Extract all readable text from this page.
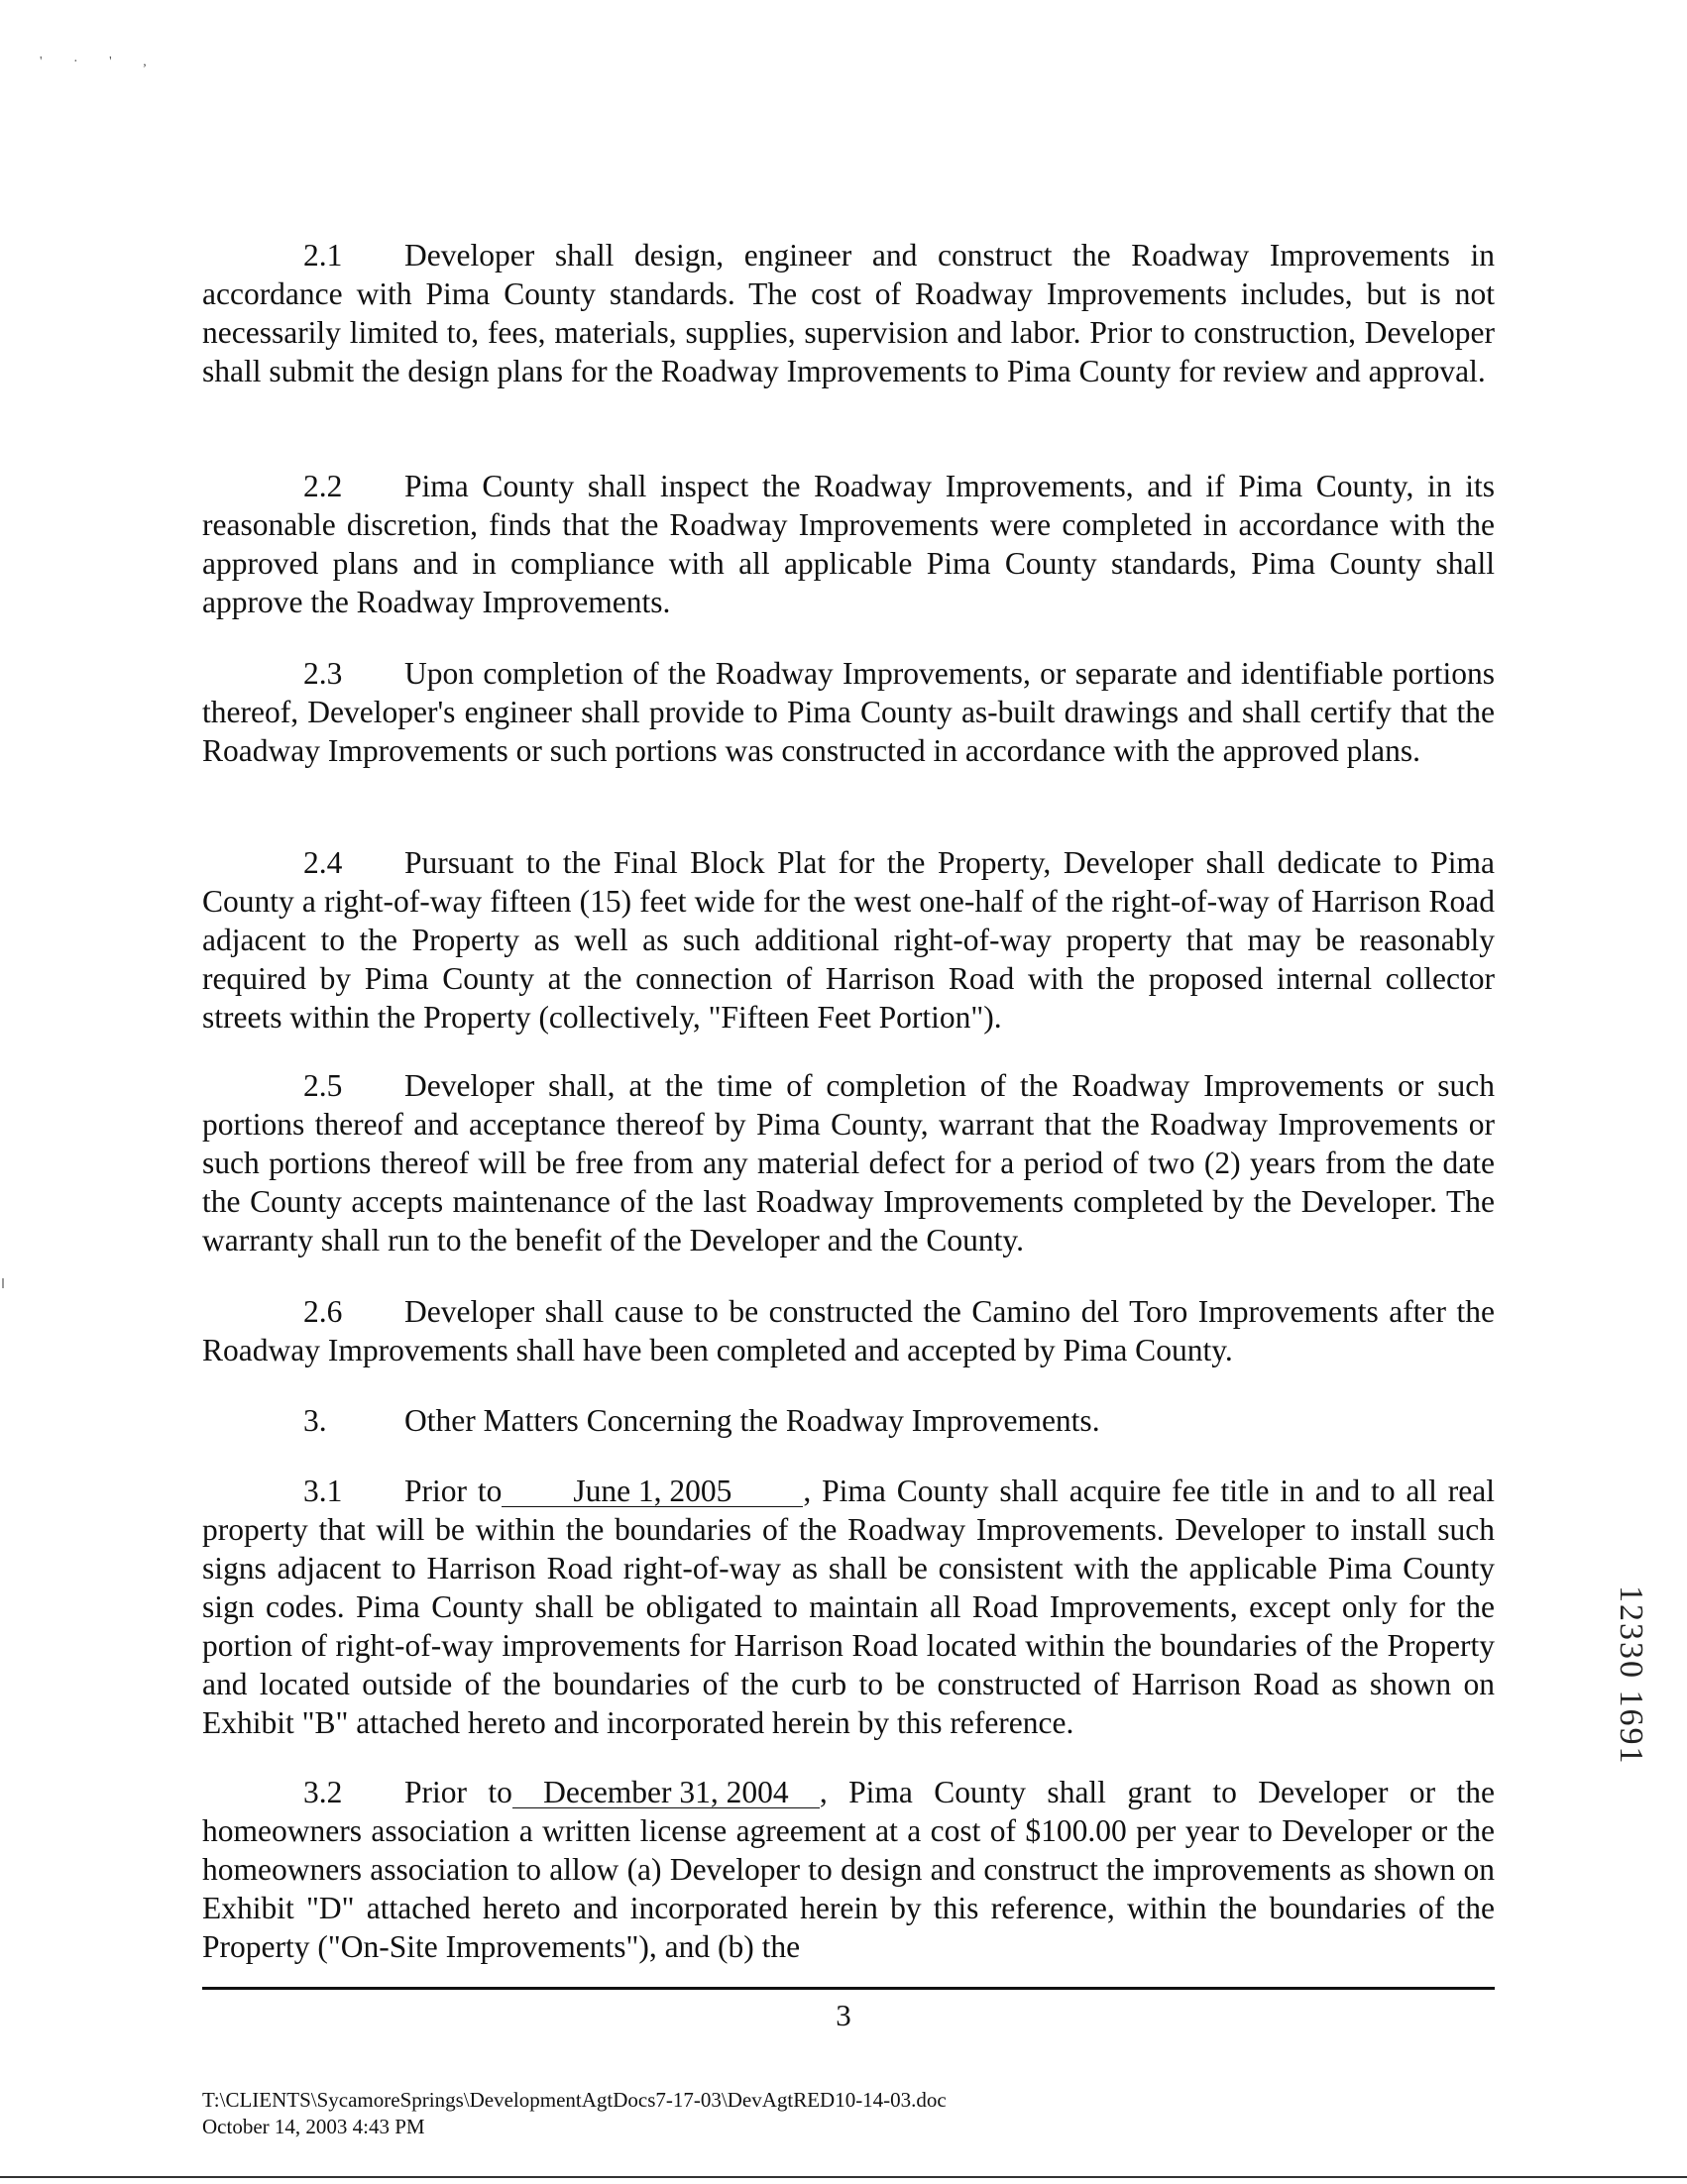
' · ' ,

2.1 Developer shall design, engineer and construct the Roadway Improvements in accordance with Pima County standards. The cost of Roadway Improvements includes, but is not necessarily limited to, fees, materials, supplies, supervision and labor. Prior to construction, Developer shall submit the design plans for the Roadway Improvements to Pima County for review and approval.

2.2 Pima County shall inspect the Roadway Improvements, and if Pima County, in its reasonable discretion, finds that the Roadway Improvements were completed in accordance with the approved plans and in compliance with all applicable Pima County standards, Pima County shall approve the Roadway Improvements.

2.3 Upon completion of the Roadway Improvements, or separate and identifiable portions thereof, Developer's engineer shall provide to Pima County as-built drawings and shall certify that the Roadway Improvements or such portions was constructed in accordance with the approved plans.

2.4 Pursuant to the Final Block Plat for the Property, Developer shall dedicate to Pima County a right-of-way fifteen (15) feet wide for the west one-half of the right-of-way of Harrison Road adjacent to the Property as well as such additional right-of-way property that may be reasonably required by Pima County at the connection of Harrison Road with the proposed internal collector streets within the Property (collectively, "Fifteen Feet Portion").

2.5 Developer shall, at the time of completion of the Roadway Improvements or such portions thereof and acceptance thereof by Pima County, warrant that the Roadway Improvements or such portions thereof will be free from any material defect for a period of two (2) years from the date the County accepts maintenance of the last Roadway Improvements completed by the Developer. The warranty shall run to the benefit of the Developer and the County.

2.6 Developer shall cause to be constructed the Camino del Toro Improvements after the Roadway Improvements shall have been completed and accepted by Pima County.

3. Other Matters Concerning the Roadway Improvements.

3.1 Prior to June 1, 2005 , Pima County shall acquire fee title in and to all real property that will be within the boundaries of the Roadway Improvements. Developer to install such signs adjacent to Harrison Road right-of-way as shall be consistent with the applicable Pima County sign codes. Pima County shall be obligated to maintain all Road Improvements, except only for the portion of right-of-way improvements for Harrison Road located within the boundaries of the Property and located outside of the boundaries of the curb to be constructed of Harrison Road as shown on Exhibit "B" attached hereto and incorporated herein by this reference.

3.2 Prior to December 31, 2004 , Pima County shall grant to Developer or the homeowners association a written license agreement at a cost of $100.00 per year to Developer or the homeowners association to allow (a) Developer to design and construct the improvements as shown on Exhibit "D" attached hereto and incorporated herein by this reference, within the boundaries of the Property ("On-Site Improvements"), and (b) the

3
T:\CLIENTS\SycamoreSprings\DevelopmentAgtDocs7-17-03\DevAgtRED10-14-03.doc
October 14, 2003 4:43 PM
12330 1691
